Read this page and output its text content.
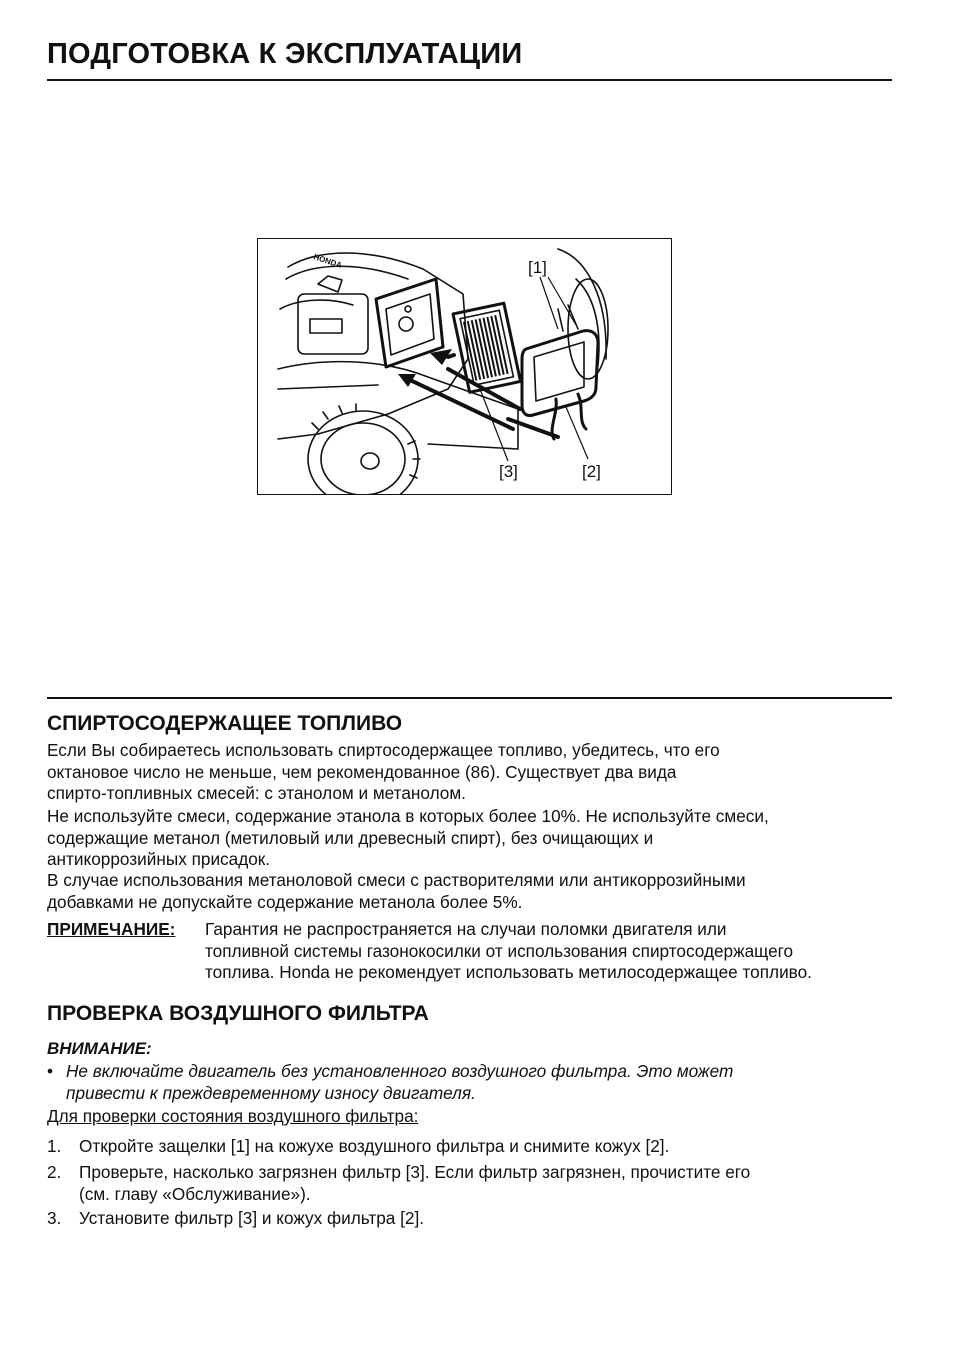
ПОДГОТОВКА К ЭКСПЛУАТАЦИИ
[1]
[3]	[2]
HONDA
СПИРТОСОДЕРЖАЩЕЕ ТОПЛИВО

Если Вы собираетесь использовать спиртосодержащее топливо, убедитесь, что его
октановое число не меньше, чем рекомендованное (86). Существует два вида
спирто-топливных смесей: с этанолом и метанолом.

Не используйте смеси, содержание этанола в которых более 10%. Не используйте смеси,
содержащие метанол (метиловый или древесный спирт), без очищающих и
антикоррозийных присадок.

В случае использования метаноловой смеси с растворителями или антикоррозийными
добавками не допускайте содержание метанола более 5%.

ПРИМЕЧАНИЕ: Гарантия не распространяется на случаи поломки двигателя или
топливной системы газонокосилки от использования спиртосодержащего
топлива. Honda не рекомендует использовать метилосодержащее топливо.

ПРОВЕРКА ВОЗДУШНОГО ФИЛЬТРА
ВНИМАНИЕ:
• Не включайте двигатель без установленного воздушного фильтра. Это может
привести к преждевременному износу двигателя.

Для проверки состояния воздушного фильтра:
1. Откройте защелки [1] на кожухе воздушного фильтра и снимите кожух [2].

2. Проверьте, насколько загрязнен фильтр [3]. Если фильтр загрязнен, прочистите его
(см. главу «Обслуживание»).

3. Установите фильтр [3] и кожух фильтра [2].
